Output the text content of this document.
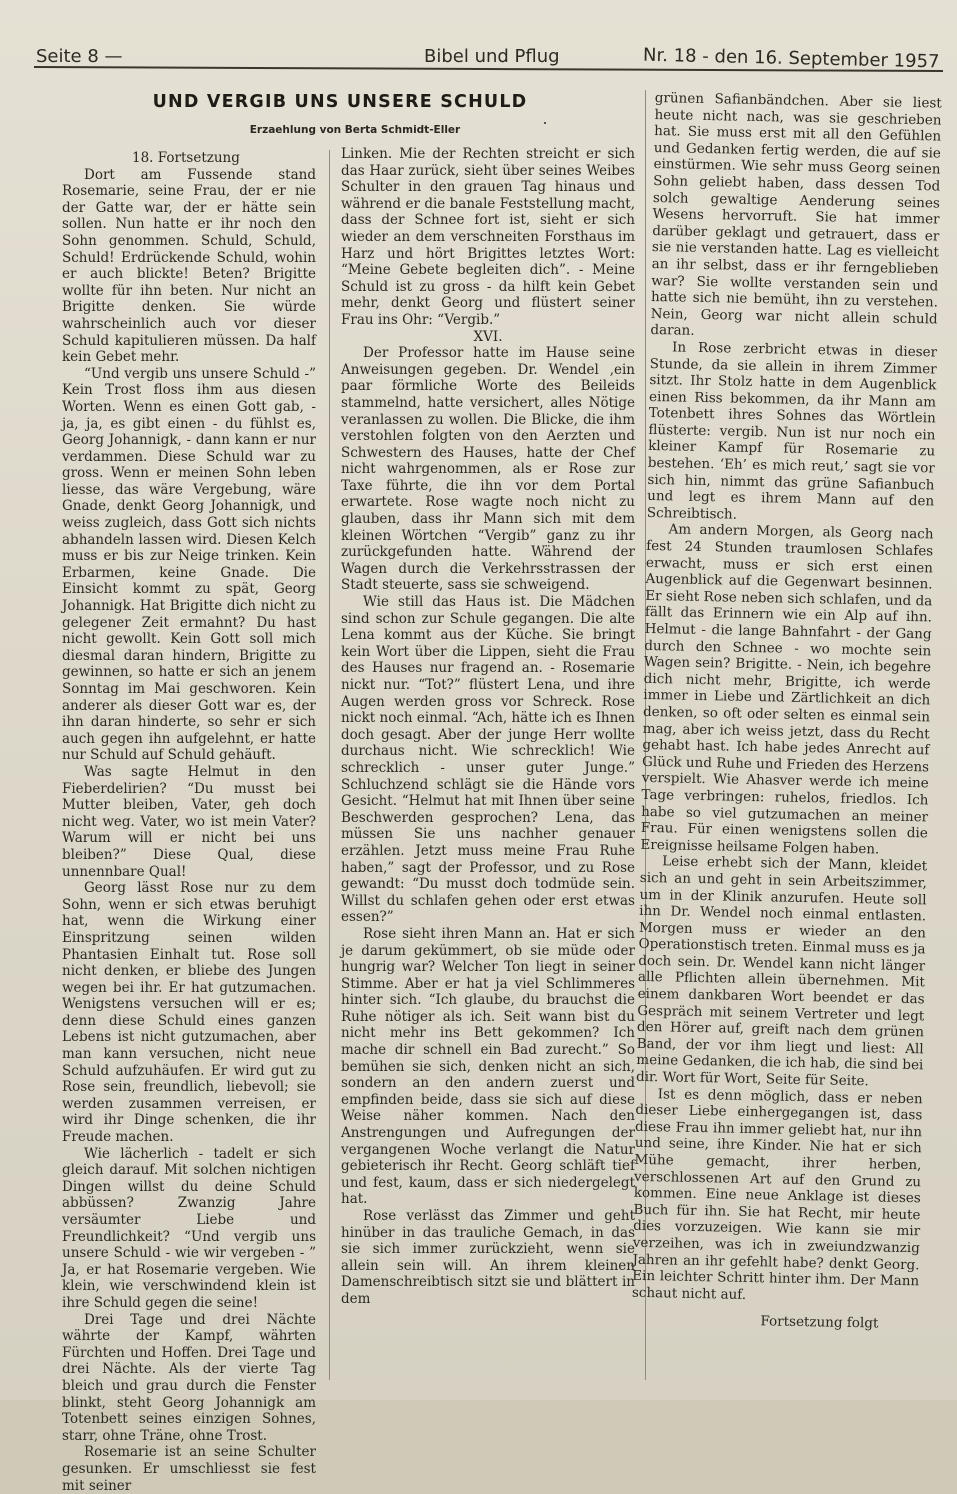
Seite 8 —	Bibel und Pflug	Nr. 18 - den 16. September 1957
UND VERGIB UNS UNSERE SCHULD
Erzaehlung von Berta Schmidt-Eller

18. Fortsetzung

Dort am Fussende stand Rosemarie, seine Frau, der er nie der Gatte war, der er hätte sein sollen. Nun hatte er ihr noch den Sohn genommen. Schuld, Schuld, Schuld! Erdrückende Schuld, wohin er auch blickte! Beten? Brigitte wollte für ihn beten. Nur nicht an Brigitte denken. Sie würde wahrscheinlich auch vor dieser Schuld kapitulieren müssen. Da half kein Gebet mehr.

“Und vergib uns unsere Schuld -” Kein Trost floss ihm aus diesen Worten. Wenn es einen Gott gab, - ja, ja, es gibt einen - du fühlst es, Georg Johannigk, - dann kann er nur verdammen. Diese Schuld war zu gross. Wenn er meinen Sohn leben liesse, das wäre Vergebung, wäre Gnade, denkt Georg Johannigk, und weiss zugleich, dass Gott sich nichts abhandeln lassen wird. Diesen Kelch muss er bis zur Neige trinken. Kein Erbarmen, keine Gnade. Die Einsicht kommt zu spät, Georg Johannigk. Hat Brigitte dich nicht zu gelegener Zeit ermahnt? Du hast nicht gewollt. Kein Gott soll mich diesmal daran hindern, Brigitte zu gewinnen, so hatte er sich an jenem Sonntag im Mai geschworen. Kein anderer als dieser Gott war es, der ihn daran hinderte, so sehr er sich auch gegen ihn aufgelehnt, er hatte nur Schuld auf Schuld gehäuft.

Was sagte Helmut in den Fieberdelirien? “Du musst bei Mutter bleiben, Vater, geh doch nicht weg. Vater, wo ist mein Vater? Warum will er nicht bei uns bleiben?” Diese Qual, diese unnennbare Qual!

Georg lässt Rose nur zu dem Sohn, wenn er sich etwas beruhigt hat, wenn die Wirkung einer Einspritzung seinen wilden Phantasien Einhalt tut. Rose soll nicht denken, er bliebe des Jungen wegen bei ihr. Er hat gutzumachen. Wenigstens versuchen will er es; denn diese Schuld eines ganzen Lebens ist nicht gutzumachen, aber man kann versuchen, nicht neue Schuld aufzuhäufen. Er wird gut zu Rose sein, freundlich, liebevoll; sie werden zusammen verreisen, er wird ihr Dinge schenken, die ihr Freude machen.

Wie lächerlich - tadelt er sich gleich darauf. Mit solchen nichtigen Dingen willst du deine Schuld abbüssen? Zwanzig Jahre versäumter Liebe und Freundlichkeit? “Und vergib uns unsere Schuld - wie wir vergeben - ” Ja, er hat Rosemarie vergeben. Wie klein, wie verschwindend klein ist ihre Schuld gegen die seine!

Drei Tage und drei Nächte währte der Kampf, währten Fürchten und Hoffen. Drei Tage und drei Nächte. Als der vierte Tag bleich und grau durch die Fenster blinkt, steht Georg Johannigk am Totenbett seines einzigen Sohnes, starr, ohne Träne, ohne Trost.

Rosemarie ist an seine Schulter gesunken. Er umschliesst sie fest mit seiner

Linken. Mie der Rechten streicht er sich das Haar zurück, sieht über seines Weibes Schulter in den grauen Tag hinaus und während er die banale Feststellung macht, dass der Schnee fort ist, sieht er sich wieder an dem verschneiten Forsthaus im Harz und hört Brigittes letztes Wort: “Meine Gebete begleiten dich”. - Meine Schuld ist zu gross - da hilft kein Gebet mehr, denkt Georg und flüstert seiner Frau ins Ohr: “Vergib.”

XVI.

Der Professor hatte im Hause seine Anweisungen gegeben. Dr. Wendel ,ein paar förmliche Worte des Beileids stammelnd, hatte versichert, alles Nötige veranlassen zu wollen. Die Blicke, die ihm verstohlen folgten von den Aerzten und Schwestern des Hauses, hatte der Chef nicht wahrgenommen, als er Rose zur Taxe führte, die ihn vor dem Portal erwartete. Rose wagte noch nicht zu glauben, dass ihr Mann sich mit dem kleinen Wörtchen “Vergib” ganz zu ihr zurückgefunden hatte. Während der Wagen durch die Verkehrsstrassen der Stadt steuerte, sass sie schweigend.

Wie still das Haus ist. Die Mädchen sind schon zur Schule gegangen. Die alte Lena kommt aus der Küche. Sie bringt kein Wort über die Lippen, sieht die Frau des Hauses nur fragend an. - Rosemarie nickt nur. “Tot?” flüstert Lena, und ihre Augen werden gross vor Schreck. Rose nickt noch einmal. “Ach, hätte ich es Ihnen doch gesagt. Aber der junge Herr wollte durchaus nicht. Wie schrecklich! Wie schrecklich - unser guter Junge.” Schluchzend schlägt sie die Hände vors Gesicht. “Helmut hat mit Ihnen über seine Beschwerden gesprochen? Lena, das müssen Sie uns nachher genauer erzählen. Jetzt muss meine Frau Ruhe haben,” sagt der Professor, und zu Rose gewandt: “Du musst doch todmüde sein. Willst du schlafen gehen oder erst etwas essen?”

Rose sieht ihren Mann an. Hat er sich je darum gekümmert, ob sie müde oder hungrig war? Welcher Ton liegt in seiner Stimme. Aber er hat ja viel Schlimmeres hinter sich. “Ich glaube, du brauchst die Ruhe nötiger als ich. Seit wann bist du nicht mehr ins Bett gekommen? Ich mache dir schnell ein Bad zurecht.” So bemühen sie sich, denken nicht an sich, sondern an den andern zuerst und empfinden beide, dass sie sich auf diese Weise näher kommen. Nach den Anstrengungen und Aufregungen der vergangenen Woche verlangt die Natur gebieterisch ihr Recht. Georg schläft tief und fest, kaum, dass er sich niedergelegt hat.

Rose verlässt das Zimmer und geht hinüber in das trauliche Gemach, in das sie sich immer zurückzieht, wenn sie allein sein will. An ihrem kleinen Damenschreibtisch sitzt sie und blättert in dem

grünen Safianbändchen. Aber sie liest heute nicht nach, was sie geschrieben hat. Sie muss erst mit all den Gefühlen und Gedanken fertig werden, die auf sie einstürmen. Wie sehr muss Georg seinen Sohn geliebt haben, dass dessen Tod solch gewaltige Aenderung seines Wesens hervorruft. Sie hat immer darüber geklagt und getrauert, dass er sie nie verstanden hatte. Lag es vielleicht an ihr selbst, dass er ihr ferngeblieben war? Sie wollte verstanden sein und hatte sich nie bemüht, ihn zu verstehen. Nein, Georg war nicht allein schuld daran.

In Rose zerbricht etwas in dieser Stunde, da sie allein in ihrem Zimmer sitzt. Ihr Stolz hatte in dem Augenblick einen Riss bekommen, da ihr Mann am Totenbett ihres Sohnes das Wörtlein flüsterte: vergib. Nun ist nur noch ein kleiner Kampf für Rosemarie zu bestehen. ‘Eh’ es mich reut,’ sagt sie vor sich hin, nimmt das grüne Safianbuch und legt es ihrem Mann auf den Schreibtisch.

Am andern Morgen, als Georg nach fest 24 Stunden traumlosen Schlafes erwacht, muss er sich erst einen Augenblick auf die Gegenwart besinnen. Er sieht Rose neben sich schlafen, und da fällt das Erinnern wie ein Alp auf ihn. Helmut - die lange Bahnfahrt - der Gang durch den Schnee - wo mochte sein Wagen sein? Brigitte. - Nein, ich begehre dich nicht mehr, Brigitte, ich werde immer in Liebe und Zärtlichkeit an dich denken, so oft oder selten es einmal sein mag, aber ich weiss jetzt, dass du Recht gehabt hast. Ich habe jedes Anrecht auf Glück und Ruhe und Frieden des Herzens verspielt. Wie Ahasver werde ich meine Tage verbringen: ruhelos, friedlos. Ich habe so viel gutzumachen an meiner Frau. Für einen wenigstens sollen die Ereignisse heilsame Folgen haben.

Leise erhebt sich der Mann, kleidet sich an und geht in sein Arbeitszimmer, um in der Klinik anzurufen. Heute soll ihn Dr. Wendel noch einmal entlasten. Morgen muss er wieder an den Operationstisch treten. Einmal muss es ja doch sein. Dr. Wendel kann nicht länger alle Pflichten allein übernehmen. Mit einem dankbaren Wort beendet er das Gespräch mit seinem Vertreter und legt den Hörer auf, greift nach dem grünen Band, der vor ihm liegt und liest: All meine Gedanken, die ich hab, die sind bei dir. Wort für Wort, Seite für Seite.

Ist es denn möglich, dass er neben dieser Liebe einhergegangen ist, dass diese Frau ihn immer geliebt hat, nur ihn und seine, ihre Kinder. Nie hat er sich Mühe gemacht, ihrer herben, verschlossenen Art auf den Grund zu kommen. Eine neue Anklage ist dieses Buch für ihn. Sie hat Recht, mir heute dies vorzuzeigen. Wie kann sie mir verzeihen, was ich in zweiundzwanzig Jahren an ihr gefehlt habe? denkt Georg. Ein leichter Schritt hinter ihm. Der Mann schaut nicht auf.

Fortsetzung folgt
